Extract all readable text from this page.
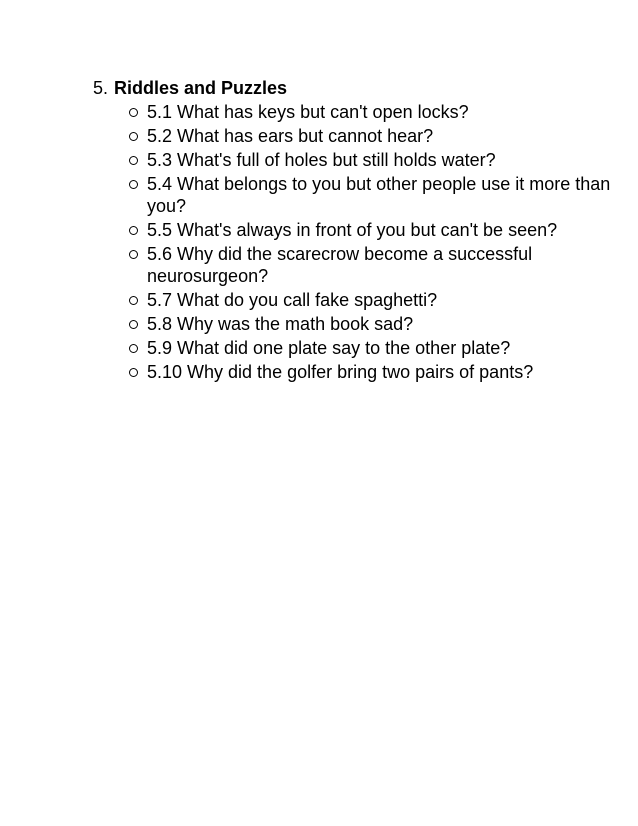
5. Riddles and Puzzles
5.1 What has keys but can't open locks?
5.2 What has ears but cannot hear?
5.3 What's full of holes but still holds water?
5.4 What belongs to you but other people use it more than you?
5.5 What's always in front of you but can't be seen?
5.6 Why did the scarecrow become a successful neurosurgeon?
5.7 What do you call fake spaghetti?
5.8 Why was the math book sad?
5.9 What did one plate say to the other plate?
5.10 Why did the golfer bring two pairs of pants?
